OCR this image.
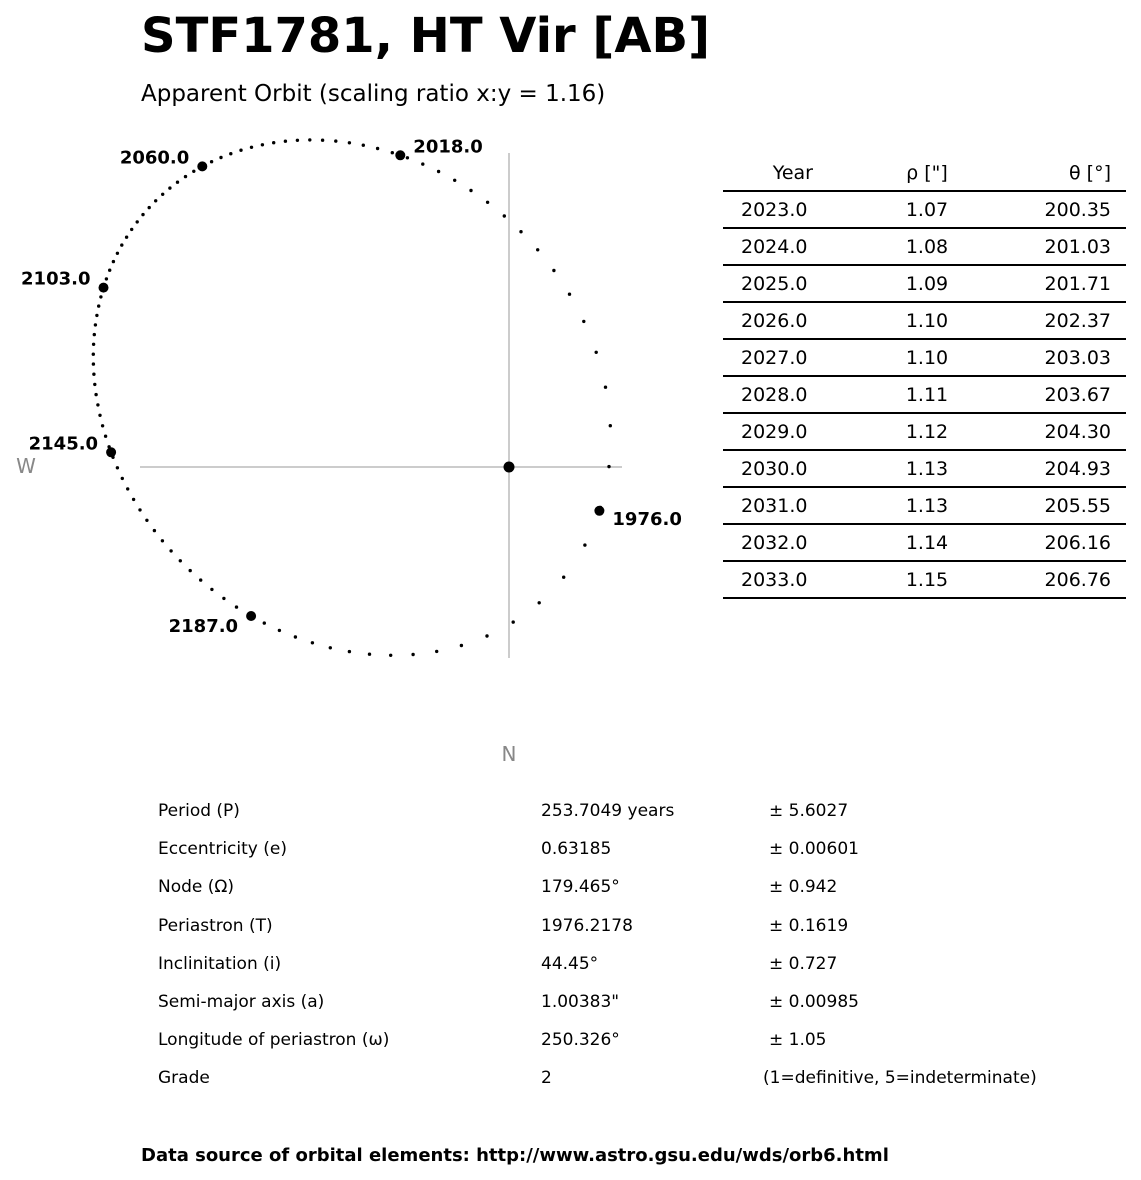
STF1781, HT Vir [AB]
Apparent Orbit (scaling ratio x:y = 1.16)
1976.0
2018.0
2060.0
2103.0
2145.0
2187.0
W
N
Year	ρ ["]	θ [°]
2023.0	1.07	200.35
2024.0	1.08	201.03
2025.0	1.09	201.71
2026.0	1.10	202.37
2027.0	1.10	203.03
2028.0	1.11	203.67
2029.0	1.12	204.30
2030.0	1.13	204.93
2031.0	1.13	205.55
2032.0	1.14	206.16
2033.0	1.15	206.76
Period (P)	253.7049 years	± 5.6027
Eccentricity (e)	0.63185	± 0.00601
Node (Ω)	179.465°	± 0.942
Periastron (T)	1976.2178	± 0.1619
Inclinitation (i)	44.45°	± 0.727
Semi-major axis (a)	1.00383"	± 0.00985
Longitude of periastron (ω)	250.326°	± 1.05
Grade	2	(1=definitive, 5=indeterminate)
Data source of orbital elements: http://www.astro.gsu.edu/wds/orb6.html
